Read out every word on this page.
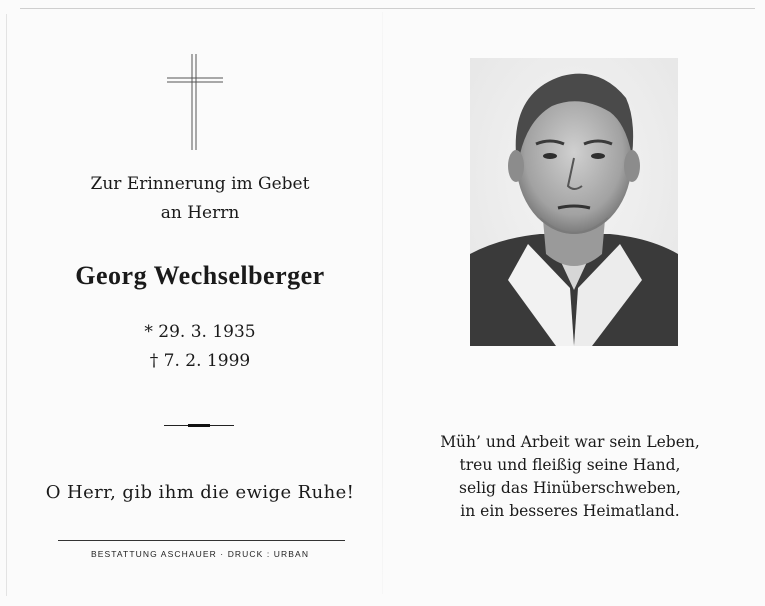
Zur Erinnerung im Gebet
an Herrn
Georg Wechselberger
* 29. 3. 1935
† 7. 2. 1999
O Herr, gib ihm die ewige Ruhe!
BESTATTUNG ASCHAUER · DRUCK : URBAN
Müh’ und Arbeit war sein Leben,
treu und fleißig seine Hand,
selig das Hinüberschweben,
in ein besseres Heimatland.
